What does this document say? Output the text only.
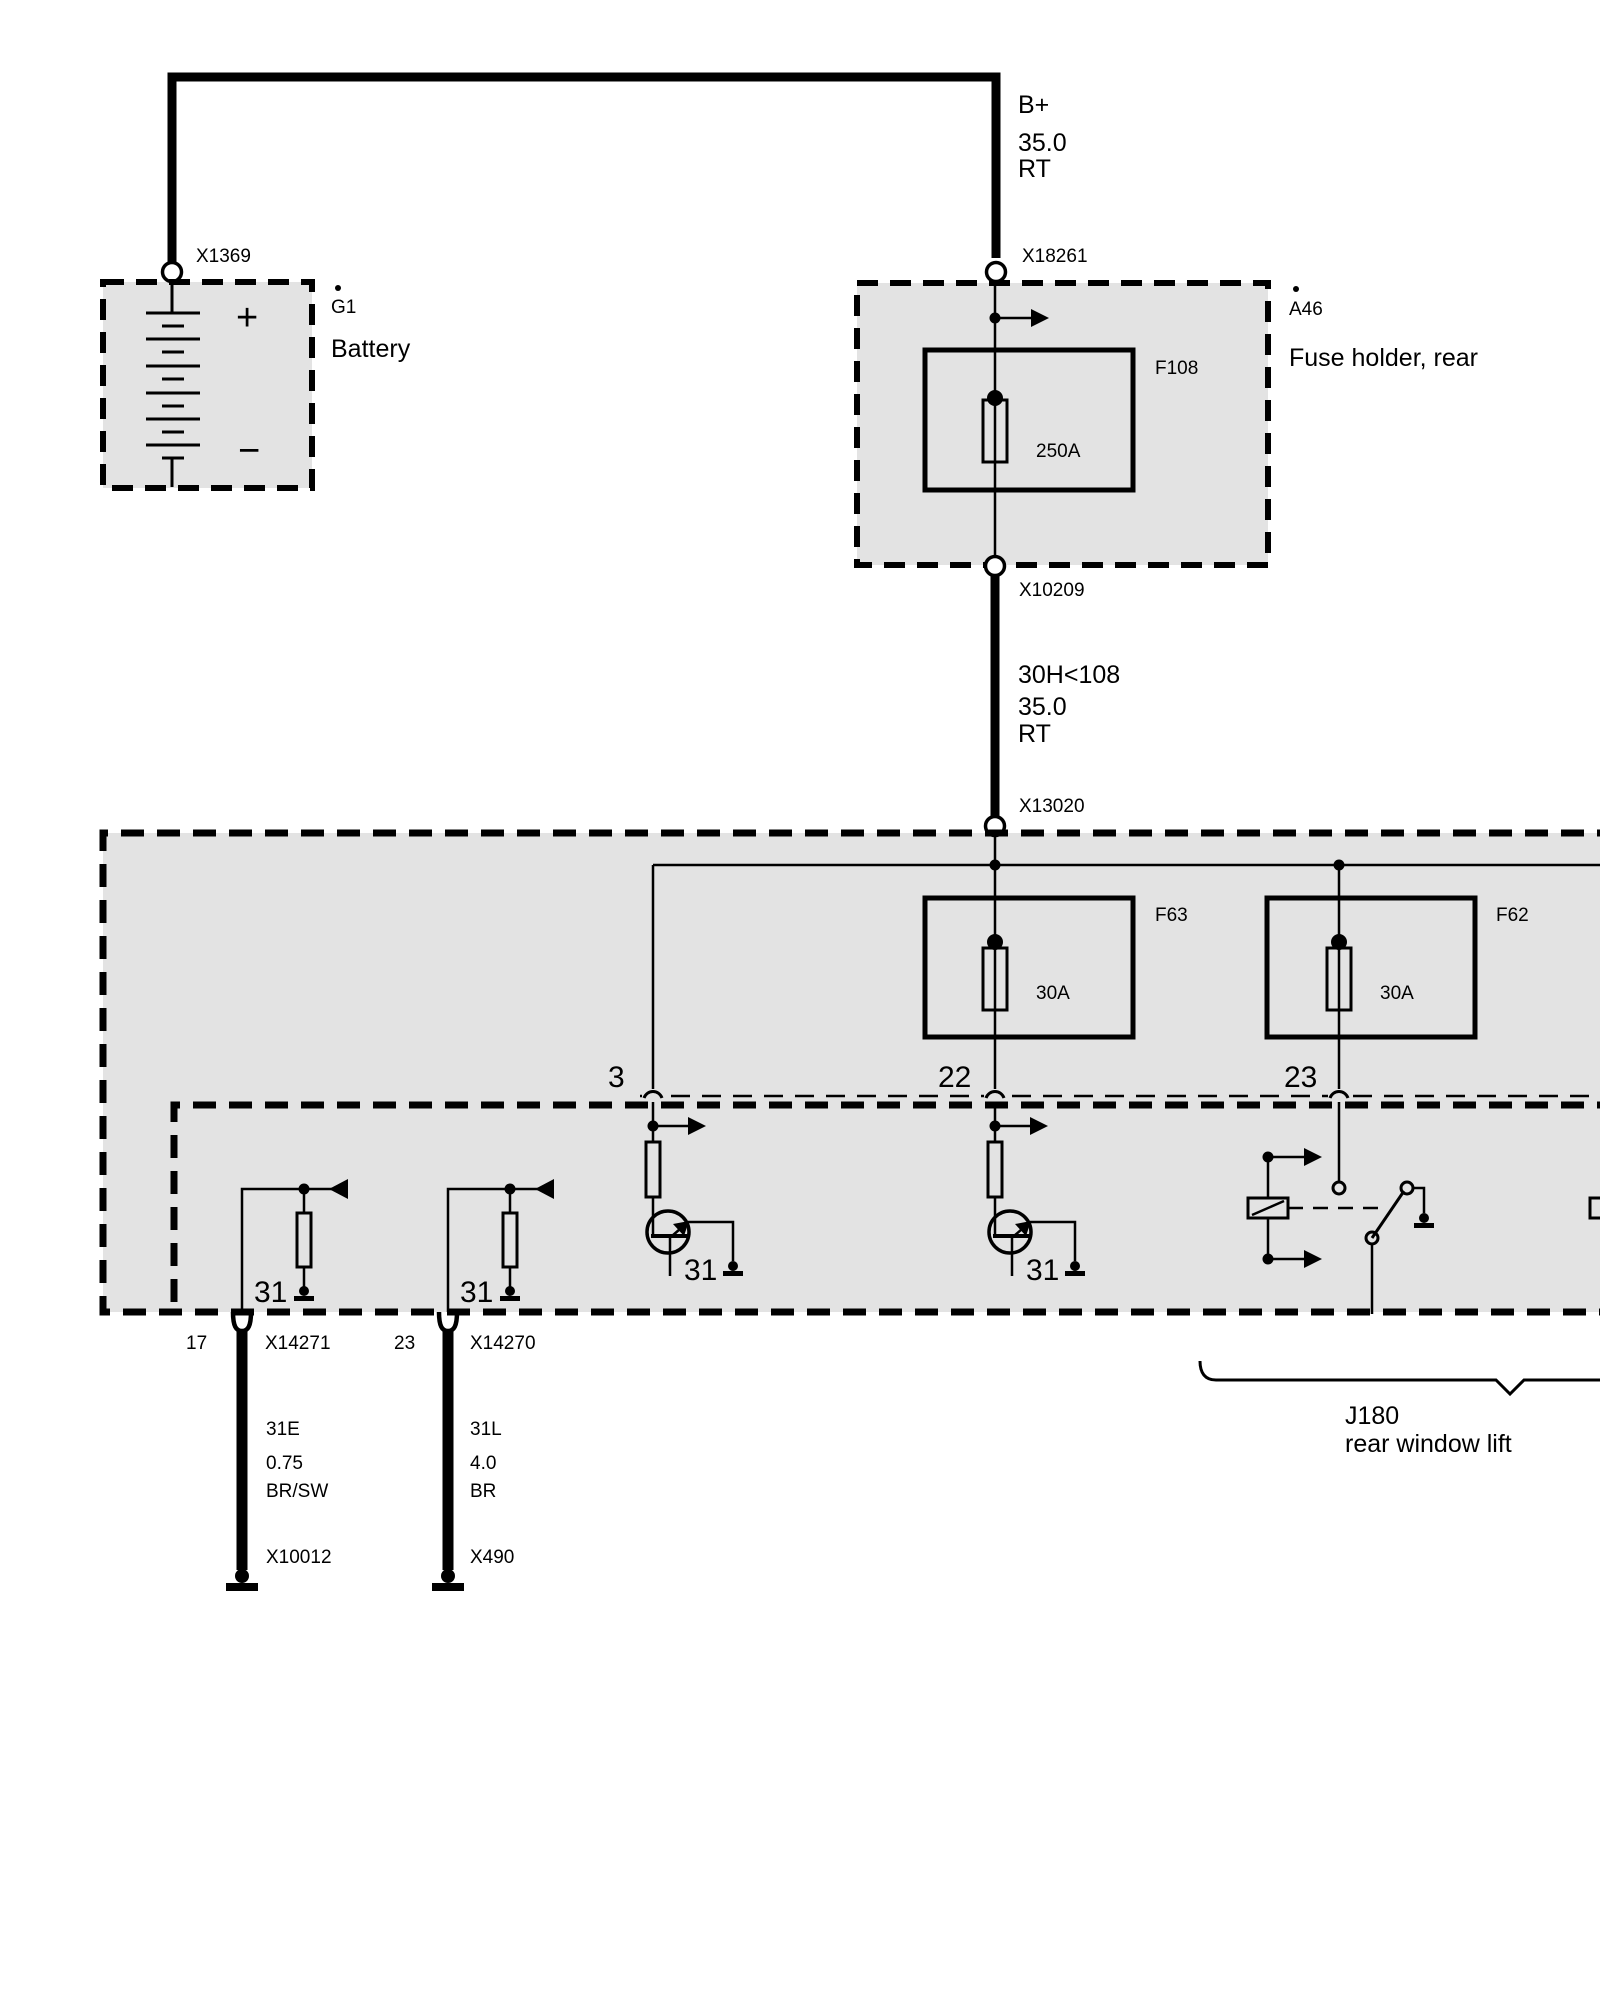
B+
35.0
RT
X1369
+
−
G1
Battery
X18261
F108
250A
A46
Fuse holder, rear
X10209
30H<108
35.0
RT
X13020
F63
30A
F62
30A
3	22	23
31	31
31	31
17	X14271
31E
0.75
BR/SW
X10012
23	X14270
31L
4.0
BR
X490
J180
rear window lift
